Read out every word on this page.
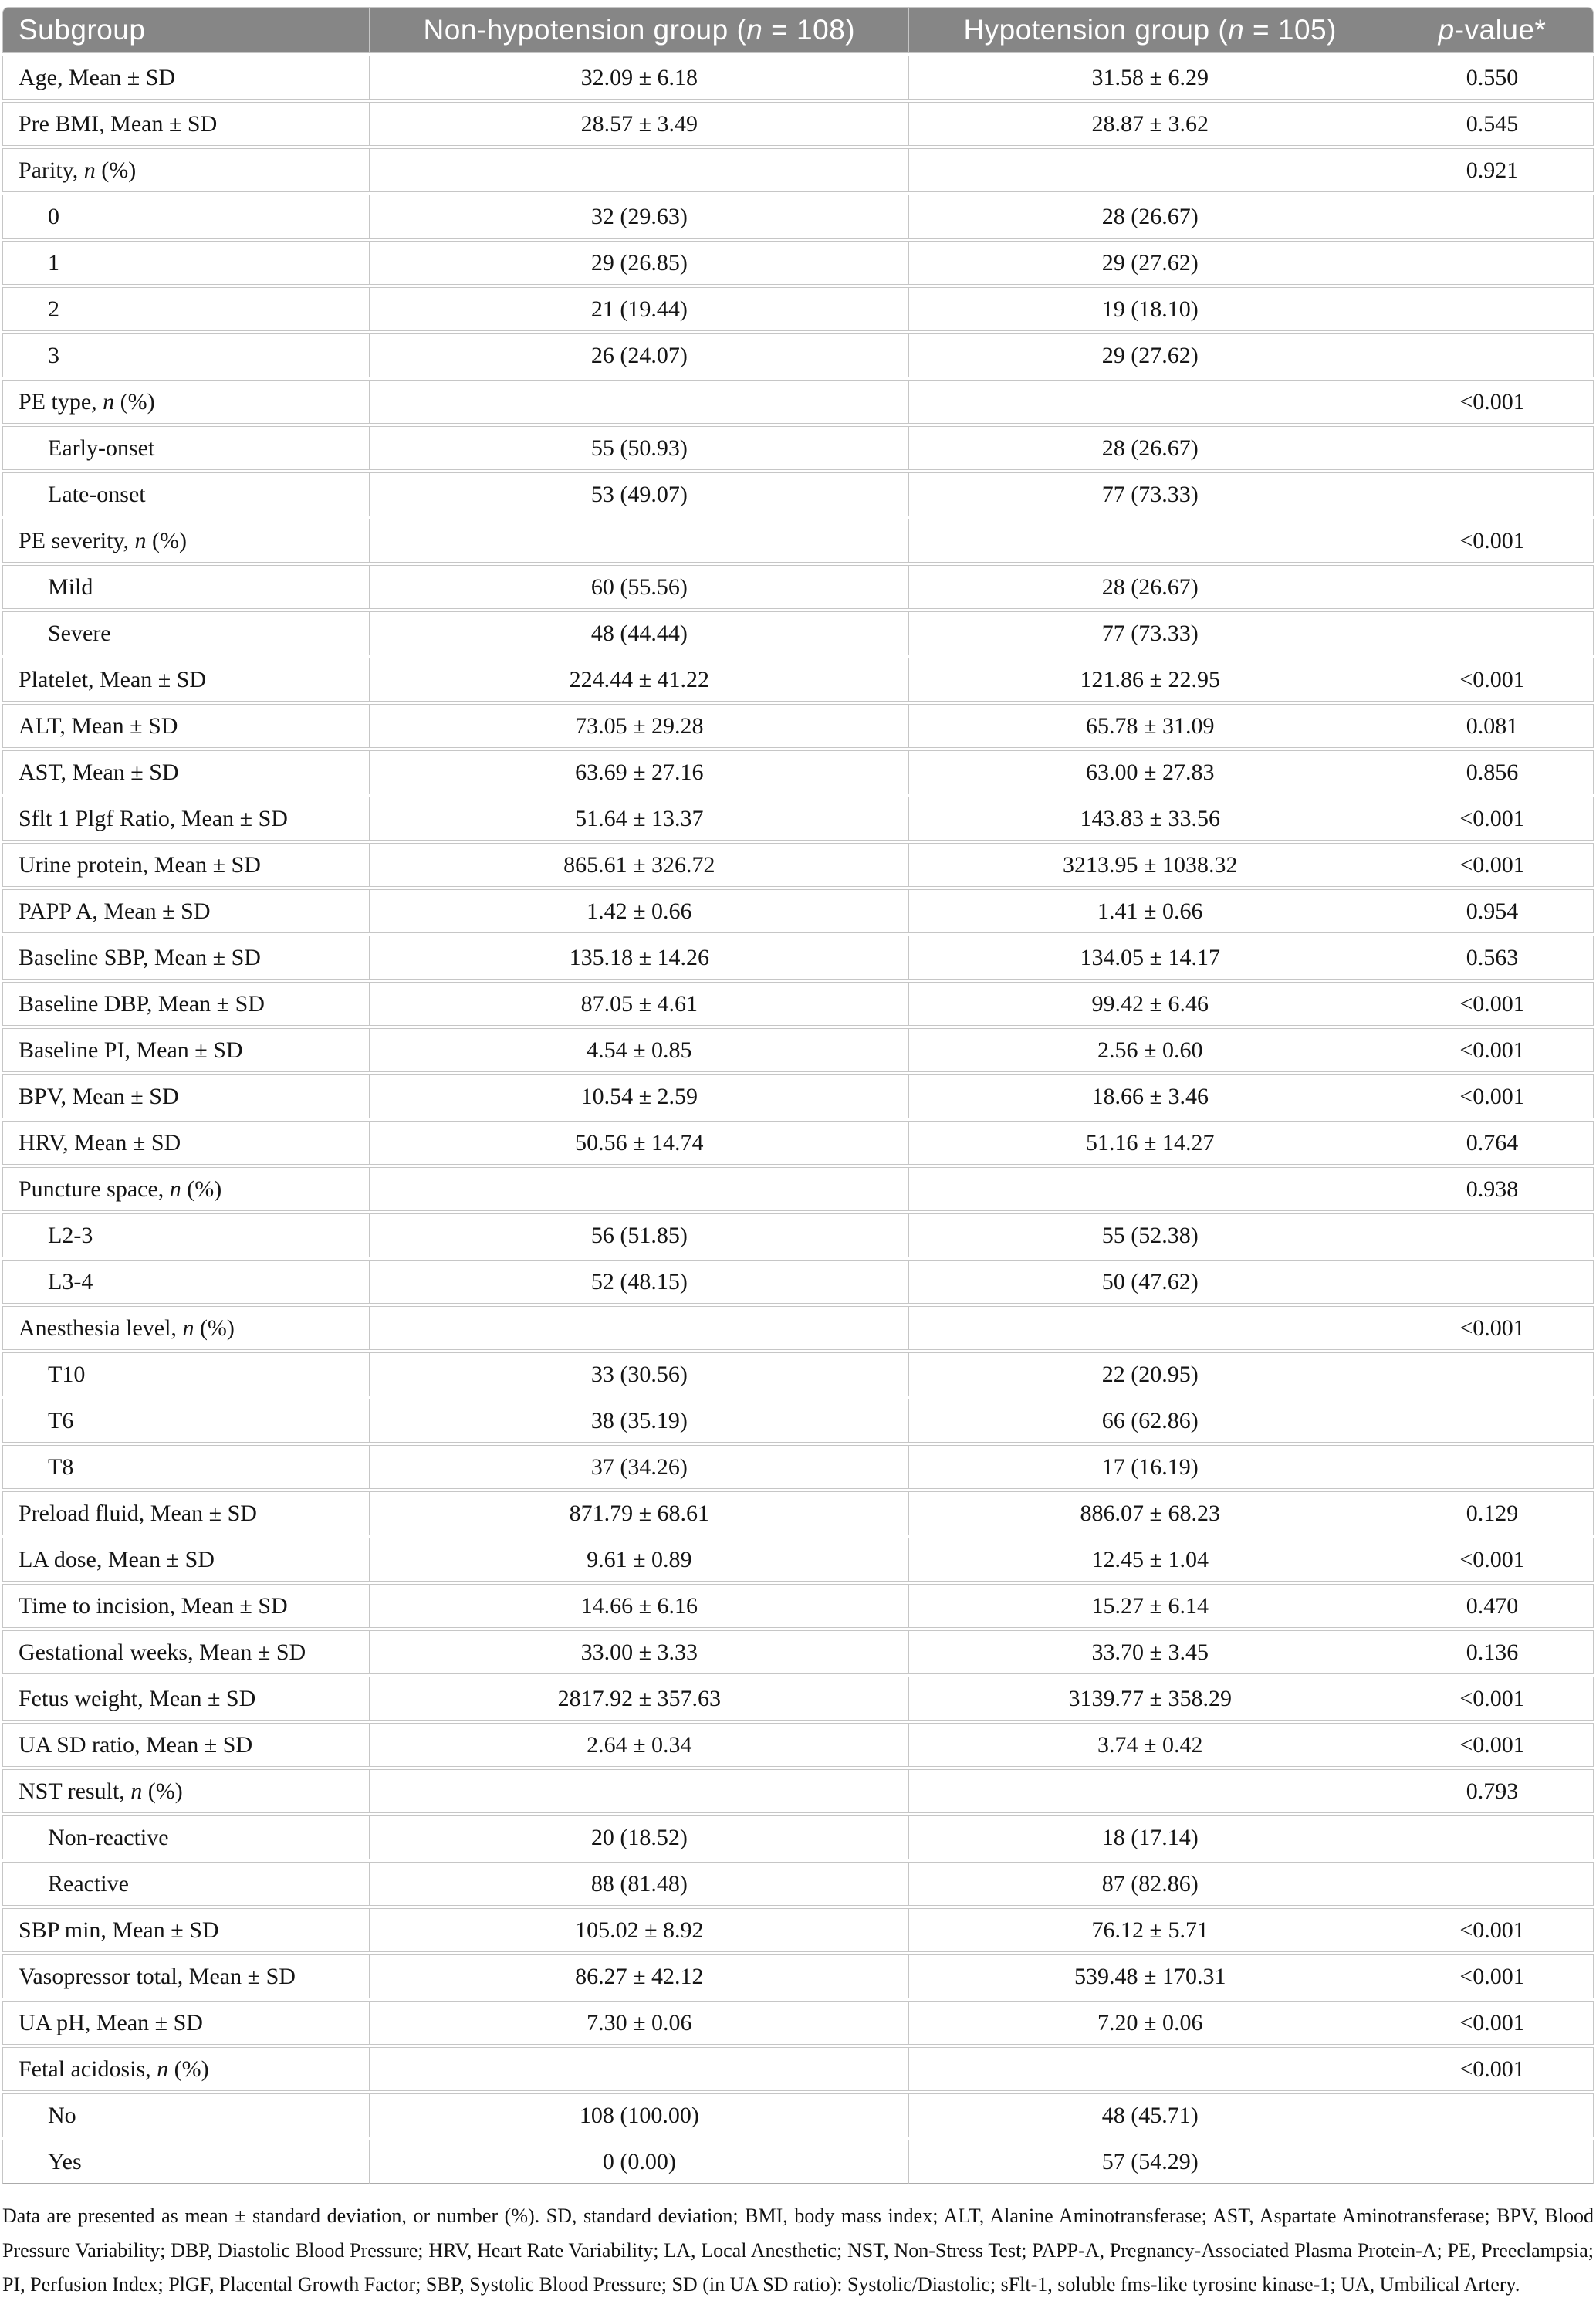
Subgroup	Non-hypotension group (n = 108)	Hypotension group (n = 105)	p-value*
Age, Mean ± SD	32.09 ± 6.18	31.58 ± 6.29	0.550
Pre BMI, Mean ± SD	28.57 ± 3.49	28.87 ± 3.62	0.545
Parity, n (%)			0.921
0	32 (29.63)	28 (26.67)	
1	29 (26.85)	29 (27.62)	
2	21 (19.44)	19 (18.10)	
3	26 (24.07)	29 (27.62)	
PE type, n (%)			<0.001
Early-onset	55 (50.93)	28 (26.67)	
Late-onset	53 (49.07)	77 (73.33)	
PE severity, n (%)			<0.001
Mild	60 (55.56)	28 (26.67)	
Severe	48 (44.44)	77 (73.33)	
Platelet, Mean ± SD	224.44 ± 41.22	121.86 ± 22.95	<0.001
ALT, Mean ± SD	73.05 ± 29.28	65.78 ± 31.09	0.081
AST, Mean ± SD	63.69 ± 27.16	63.00 ± 27.83	0.856
Sflt 1 Plgf Ratio, Mean ± SD	51.64 ± 13.37	143.83 ± 33.56	<0.001
Urine protein, Mean ± SD	865.61 ± 326.72	3213.95 ± 1038.32	<0.001
PAPP A, Mean ± SD	1.42 ± 0.66	1.41 ± 0.66	0.954
Baseline SBP, Mean ± SD	135.18 ± 14.26	134.05 ± 14.17	0.563
Baseline DBP, Mean ± SD	87.05 ± 4.61	99.42 ± 6.46	<0.001
Baseline PI, Mean ± SD	4.54 ± 0.85	2.56 ± 0.60	<0.001
BPV, Mean ± SD	10.54 ± 2.59	18.66 ± 3.46	<0.001
HRV, Mean ± SD	50.56 ± 14.74	51.16 ± 14.27	0.764
Puncture space, n (%)			0.938
L2-3	56 (51.85)	55 (52.38)	
L3-4	52 (48.15)	50 (47.62)	
Anesthesia level, n (%)			<0.001
T10	33 (30.56)	22 (20.95)	
T6	38 (35.19)	66 (62.86)	
T8	37 (34.26)	17 (16.19)	
Preload fluid, Mean ± SD	871.79 ± 68.61	886.07 ± 68.23	0.129
LA dose, Mean ± SD	9.61 ± 0.89	12.45 ± 1.04	<0.001
Time to incision, Mean ± SD	14.66 ± 6.16	15.27 ± 6.14	0.470
Gestational weeks, Mean ± SD	33.00 ± 3.33	33.70 ± 3.45	0.136
Fetus weight, Mean ± SD	2817.92 ± 357.63	3139.77 ± 358.29	<0.001
UA SD ratio, Mean ± SD	2.64 ± 0.34	3.74 ± 0.42	<0.001
NST result, n (%)			0.793
Non-reactive	20 (18.52)	18 (17.14)	
Reactive	88 (81.48)	87 (82.86)	
SBP min, Mean ± SD	105.02 ± 8.92	76.12 ± 5.71	<0.001
Vasopressor total, Mean ± SD	86.27 ± 42.12	539.48 ± 170.31	<0.001
UA pH, Mean ± SD	7.30 ± 0.06	7.20 ± 0.06	<0.001
Fetal acidosis, n (%)			<0.001
No	108 (100.00)	48 (45.71)	
Yes	0 (0.00)	57 (54.29)	

Data are presented as mean ± standard deviation, or number (%). SD, standard deviation; BMI, body mass index; ALT, Alanine Aminotransferase; AST, Aspartate Aminotransferase; BPV, Blood Pressure Variability; DBP, Diastolic Blood Pressure; HRV, Heart Rate Variability; LA, Local Anesthetic; NST, Non-Stress Test; PAPP-A, Pregnancy-Associated Plasma Protein-A; PE, Preeclampsia; PI, Perfusion Index; PlGF, Placental Growth Factor; SBP, Systolic Blood Pressure; SD (in UA SD ratio): Systolic/Diastolic; sFlt-1, soluble fms-like tyrosine kinase-1; UA, Umbilical Artery.
